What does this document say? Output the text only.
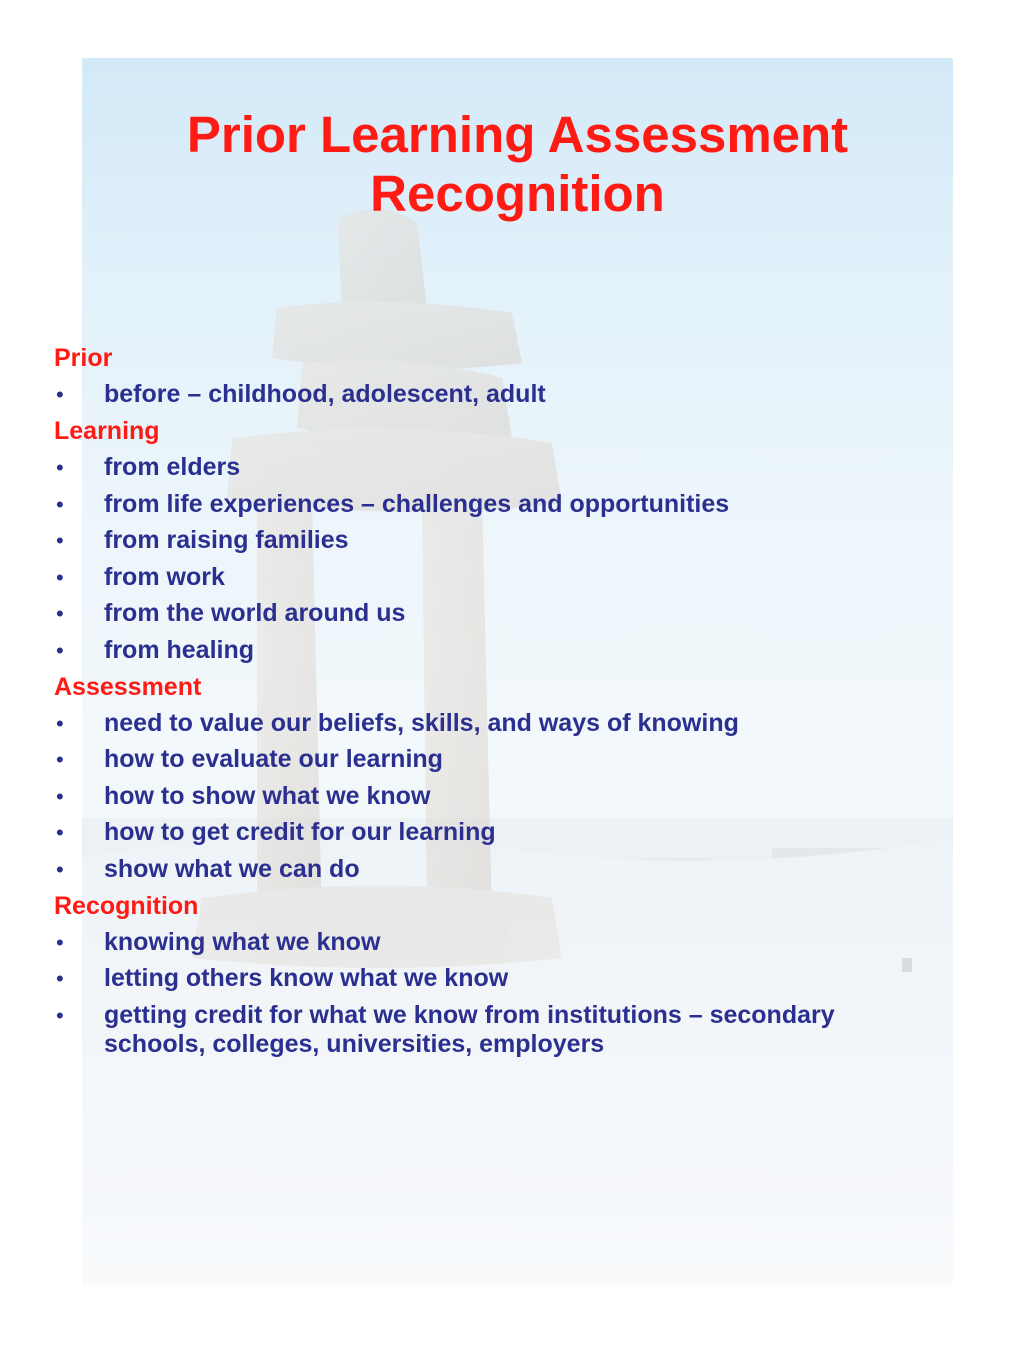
Prior Learning Assessment
Recognition
Prior
• before – childhood, adolescent, adult
Learning
• from elders
• from life experiences – challenges and opportunities
• from raising families
• from work
• from the world around us
• from healing
Assessment
• need to value our beliefs, skills, and ways of knowing
• how to evaluate our learning
• how to show what we know
• how to get credit for our learning
• show what we can do
Recognition
• knowing what we know
• letting others know what we know
• getting credit for what we know from institutions – secondary schools, colleges, universities, employers
